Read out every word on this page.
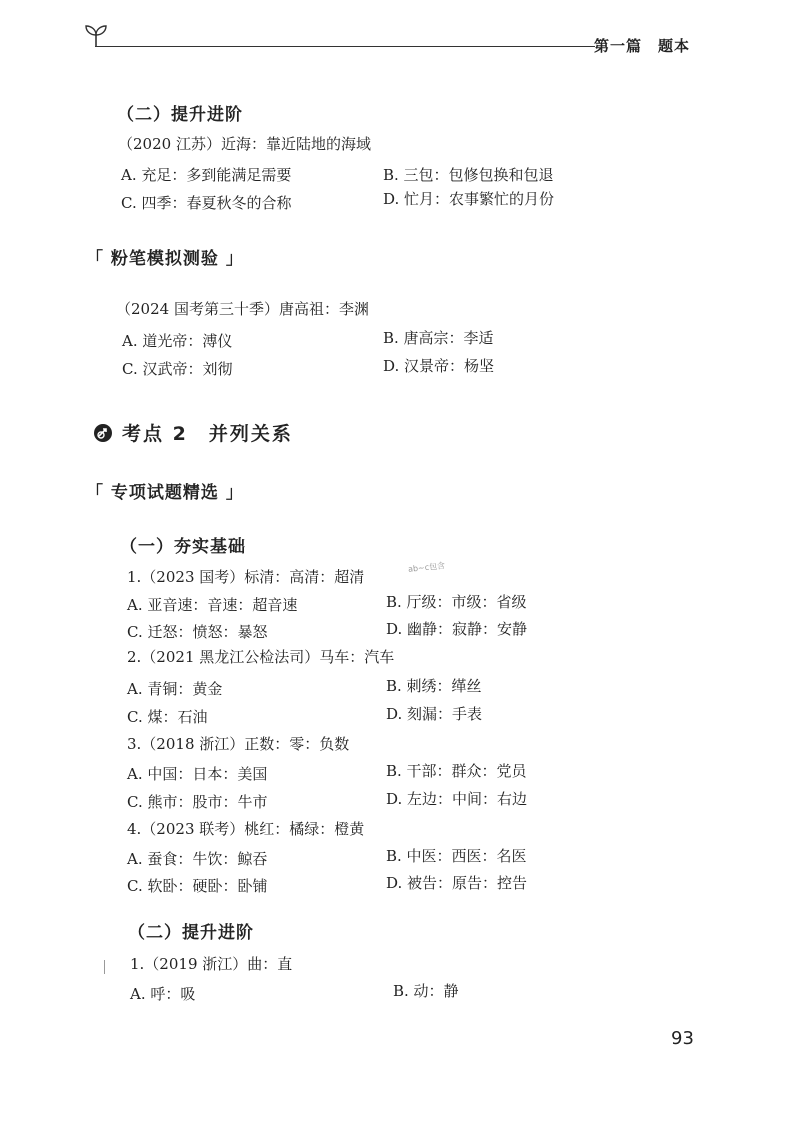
第一篇　题本
（二）提升进阶
（2020 江苏）近海：靠近陆地的海域
A. 充足：多到能满足需要	B. 三包：包修包换和包退
C. 四季：春夏秋冬的合称	D. 忙月：农事繁忙的月份
「 粉笔模拟测验 」
（2024 国考第三十季）唐高祖：李渊
A. 道光帝：溥仪	B. 唐高宗：李适
C. 汉武帝：刘彻	D. 汉景帝：杨坚
考点 2　并列关系
「 专项试题精选 」
（一）夯实基础
ab~c包含
1.（2023 国考）标清：高清：超清
A. 亚音速：音速：超音速	B. 厅级：市级：省级
C. 迁怒：愤怒：暴怒	D. 幽静：寂静：安静
2.（2021 黑龙江公检法司）马车：汽车
A. 青铜：黄金	B. 刺绣：缂丝
C. 煤：石油	D. 刻漏：手表
3.（2018 浙江）正数：零：负数
A. 中国：日本：美国	B. 干部：群众：党员
C. 熊市：股市：牛市	D. 左边：中间：右边
4.（2023 联考）桃红：橘绿：橙黄
A. 蚕食：牛饮：鲸吞	B. 中医：西医：名医
C. 软卧：硬卧：卧铺	D. 被告：原告：控告
（二）提升进阶
1.（2019 浙江）曲：直
A. 呼：吸	B. 动：静
93
